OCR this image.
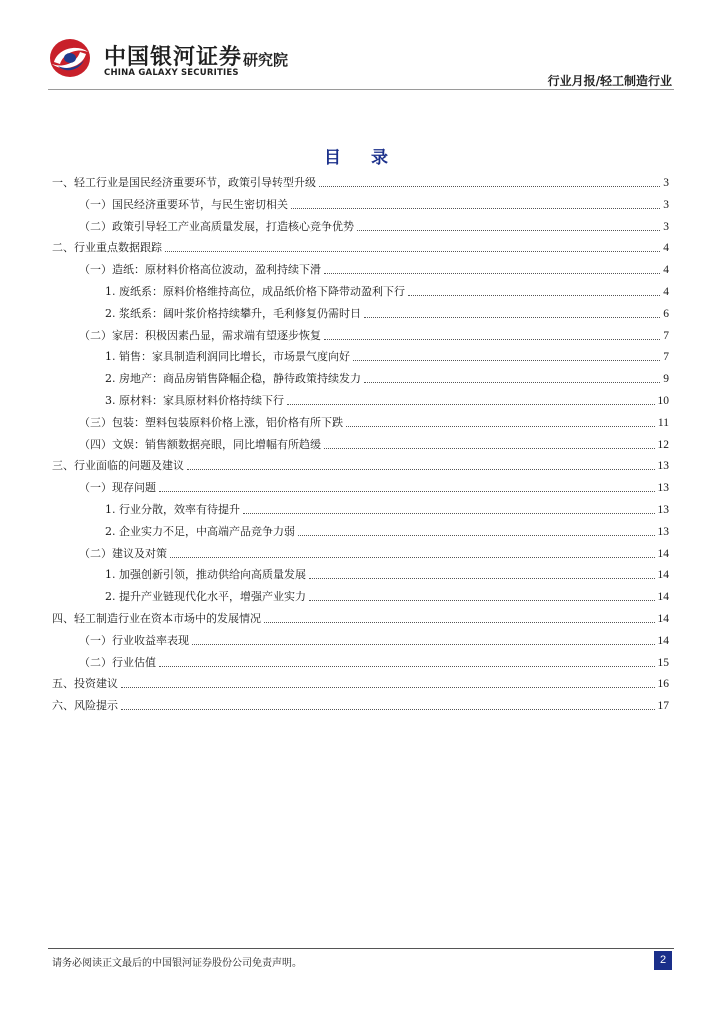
中国银河证券
CHINA GALAXY SECURITIES
研究院
行业月报/轻工制造行业
目 录
一、轻工行业是国民经济重要环节，政策引导转型升级	3
（一）国民经济重要环节，与民生密切相关	3
（二）政策引导轻工产业高质量发展，打造核心竞争优势	3
二、行业重点数据跟踪	4
（一）造纸：原材料价格高位波动，盈利持续下滑	4
1. 废纸系：原料价格维持高位，成品纸价格下降带动盈利下行	4
2. 浆纸系：阔叶浆价格持续攀升，毛利修复仍需时日	6
（二）家居：积极因素凸显，需求端有望逐步恢复	7
1. 销售：家具制造利润同比增长，市场景气度向好	7
2. 房地产：商品房销售降幅企稳，静待政策持续发力	9
3. 原材料：家具原材料价格持续下行	10
（三）包装：塑料包装原料价格上涨，铝价格有所下跌	11
（四）文娱：销售额数据亮眼，同比增幅有所趋缓	12
三、行业面临的问题及建议	13
（一）现存问题	13
1. 行业分散，效率有待提升	13
2. 企业实力不足，中高端产品竞争力弱	13
（二）建议及对策	14
1. 加强创新引领，推动供给向高质量发展	14
2. 提升产业链现代化水平，增强产业实力	14
四、轻工制造行业在资本市场中的发展情况	14
（一）行业收益率表现	14
（二）行业估值	15
五、投资建议	16
六、风险提示	17
请务必阅读正文最后的中国银河证券股份公司免责声明。	2
